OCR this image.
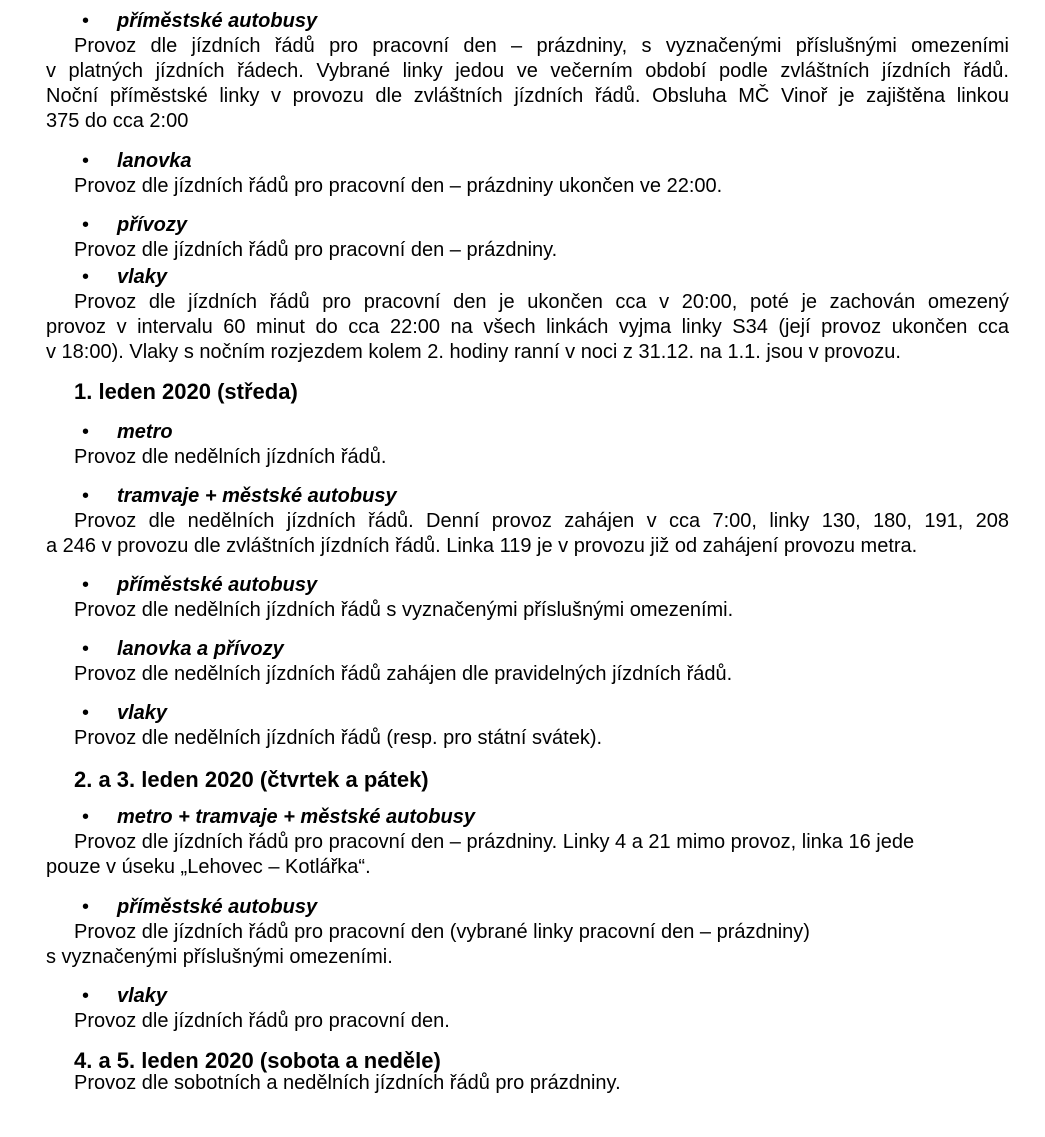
• příměstské autobusy
Provoz dle jízdních řádů pro pracovní den – prázdniny, s vyznačenými příslušnými omezeními
v platných jízdních řádech. Vybrané linky jedou ve večerním období podle zvláštních jízdních řádů.
Noční příměstské linky v provozu dle zvláštních jízdních řádů. Obsluha MČ Vinoř je zajištěna linkou
375 do cca 2:00
• lanovka
Provoz dle jízdních řádů pro pracovní den – prázdniny ukončen ve 22:00.
• přívozy
Provoz dle jízdních řádů pro pracovní den – prázdniny.
• vlaky
Provoz dle jízdních řádů pro pracovní den je ukončen cca v 20:00, poté je zachován omezený
provoz v intervalu 60 minut do cca 22:00 na všech linkách vyjma linky S34 (její provoz ukončen cca
v 18:00). Vlaky s nočním rozjezdem kolem 2. hodiny ranní v noci z 31.12. na 1.1. jsou v provozu.
1. leden 2020 (středa)
• metro
Provoz dle nedělních jízdních řádů.
• tramvaje + městské autobusy
Provoz dle nedělních jízdních řádů. Denní provoz zahájen v cca 7:00, linky 130, 180, 191, 208
a 246 v provozu dle zvláštních jízdních řádů. Linka 119 je v provozu již od zahájení provozu metra.
• příměstské autobusy
Provoz dle nedělních jízdních řádů s vyznačenými příslušnými omezeními.
• lanovka a přívozy
Provoz dle nedělních jízdních řádů zahájen dle pravidelných jízdních řádů.
• vlaky
Provoz dle nedělních jízdních řádů (resp. pro státní svátek).
2. a 3. leden 2020 (čtvrtek a pátek)
• metro + tramvaje + městské autobusy
Provoz dle jízdních řádů pro pracovní den – prázdniny. Linky 4 a 21 mimo provoz, linka 16 jede
pouze v úseku „Lehovec – Kotlářka“.
• příměstské autobusy
Provoz dle jízdních řádů pro pracovní den (vybrané linky pracovní den – prázdniny)
s vyznačenými příslušnými omezeními.
• vlaky
Provoz dle jízdních řádů pro pracovní den.
4. a 5. leden 2020 (sobota a neděle)
Provoz dle sobotních a nedělních jízdních řádů pro prázdniny.
